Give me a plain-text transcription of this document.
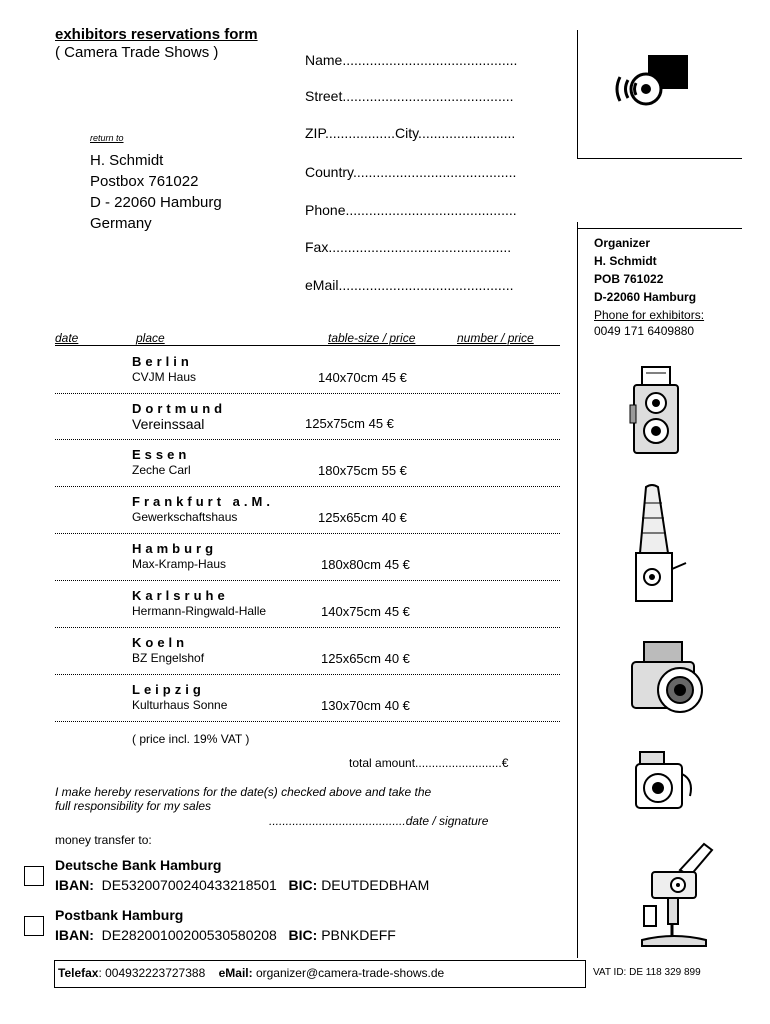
exhibitors reservations form
( Camera Trade Shows )	Name.............................................
Street............................................
ZIP..................City.........................
Country..........................................
Phone............................................
Fax...............................................
eMail.............................................
return to
H. Schmidt
Postbox 761022
D - 22060 Hamburg
Germany
Organizer
H. Schmidt
POB 761022
D-22060 Hamburg
Phone for exhibitors:
0049 171 6409880
date	place	table-size / price	number / price
Berlin
CVJM Haus	140x70cm 45 €
Dortmund
Vereinssaal	125x75cm 45 €
Essen
Zeche Carl	180x75cm 55 €
Frankfurt a.M.
Gewerkschaftshaus	125x65cm 40 €
Hamburg
Max-Kramp-Haus	180x80cm 45 €
Karlsruhe
Hermann-Ringwald-Halle	140x75cm 45 €
Koeln
BZ Engelshof	125x65cm 40 €
Leipzig
Kulturhaus Sonne	130x70cm 40 €
( price incl. 19% VAT )
total amount..........................€
I make hereby reservations for the date(s) checked above and take the
full responsibility for my sales
.........................................date / signature
money transfer to:
Deutsche Bank Hamburg
IBAN: DE53200700240433218501 BIC: DEUTDEDBHAM
Postbank Hamburg
IBAN: DE28200100200530580208 BIC: PBNKDEFF
Telefax: 004932223727388 eMail: organizer@camera-trade-shows.de	VAT ID: DE 118 329 899
